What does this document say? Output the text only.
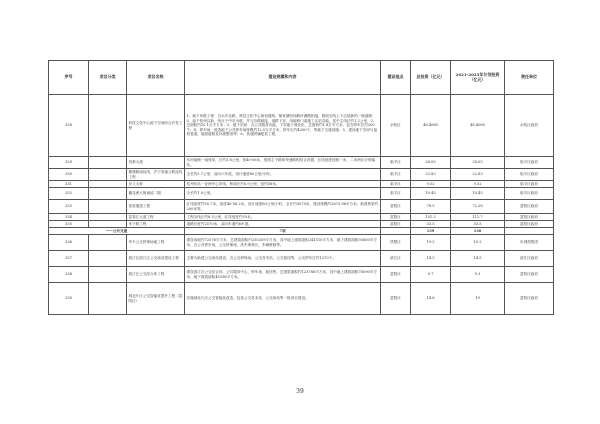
序号	项目分类	项目名称	建设规模和内容	建设地点	总投资（亿元）	2021-2025年计划投资（亿元）	责任单位
328		科技文化中心地下空间综合开发工程	1、地下环路工程：自水乡北路、科技文化中心规划道路、郁家塘府西路叶湖路相接，路段全线上下沿部新的一级道路：5、起于杭州以新，终点于中央为联，并与各路相接，道路下穿，用地桥门道施工区站功能，其中主线长约1.2公里，2、总面积约10.1万平方米；3、地下空间：含公共服务功能，下穿地下商业化，总面积约1.8万平方米，包含停车位约200个；4、停车场：改造地下公共停车场规模约12.5万平方米，停车位约4200个，等地下交通设施；5、建设地下空间与接驳管道，地面道路及环境整治等；6、其他附属配套工程。	余杭区	48.4085	48.4085	余杭区政府
329		昌都大道	东河南侧一南苑草，长约3.8公里，宽40-56米，按照主干路和快速路相结合设置，红线宽度按照一米、二米两区分别落实。	临平区	28.05	28.05	临平区政府
330		塘康路南延线、沪宁高速公路连线工程	全长约5.7公里，双向六车道，设计速度60公里/小时。	临平区	22.83	22.83	临平区政府
331		崇义大桥	杭州东站一亚洲中心岸线，桥梁长约0.9公里，宽约36米。	临平区	9.52	9.52	临平区政府
332		藕花洲大街南延二期	全长约1.9公里。	临平区	10.45	10.45	临平区政府
333		春营通道工程	红线宽度约55.7米，宽度40-56.2米，设计速度60公里/小时，全长约3070米，建设规模约2673.96平方米，新建桥梁约200米等。	富阳区	78.5	72.28	富阳区政府
334		富春江大道工程	工程全线长约8.5公里，红线宽度约55米。	富阳区	131.3	111.7	富阳区政府
335		孝子路工程	道路长度约2570米，双向车道约6车道。	富阳区	33.5	33.5	富阳区政府
——公共交通			7项		139	130	
336		华丰公交停保场地工程	建设用地约72576平方米，总建筑面积约335359平方米，其中地上建筑面积241510平方米，地下建筑面积93850平方米，含公共停车场，公交停保场，洗车保养区，车辆维修等。	拱墅区	19.2	19.2	市城投集团
337		滨江区滨江区公交场站建设工程	主要为新建公交场站建设，含公交停保场，公交首末站，公交枢纽等，公交停车位约1270个。	滨江区	14.5	14.5	滨江区政府
338		滨江区公交综合体工程	建设滨江区公交综合体，公共服务中心，停车场，枢纽等，总建筑面积约123786平方米，其中地上建筑面积78590平方米，地下建筑面积45196平方米。	富阳区	9.7	9.3	富阳区政府
339		城北片区公交智能化提升工程（富阳区）	实施城北片区公交智能化改造，包括公交首末站、公交场站等一批项目建设。	富阳区	14.6	19	富阳区政府
39
